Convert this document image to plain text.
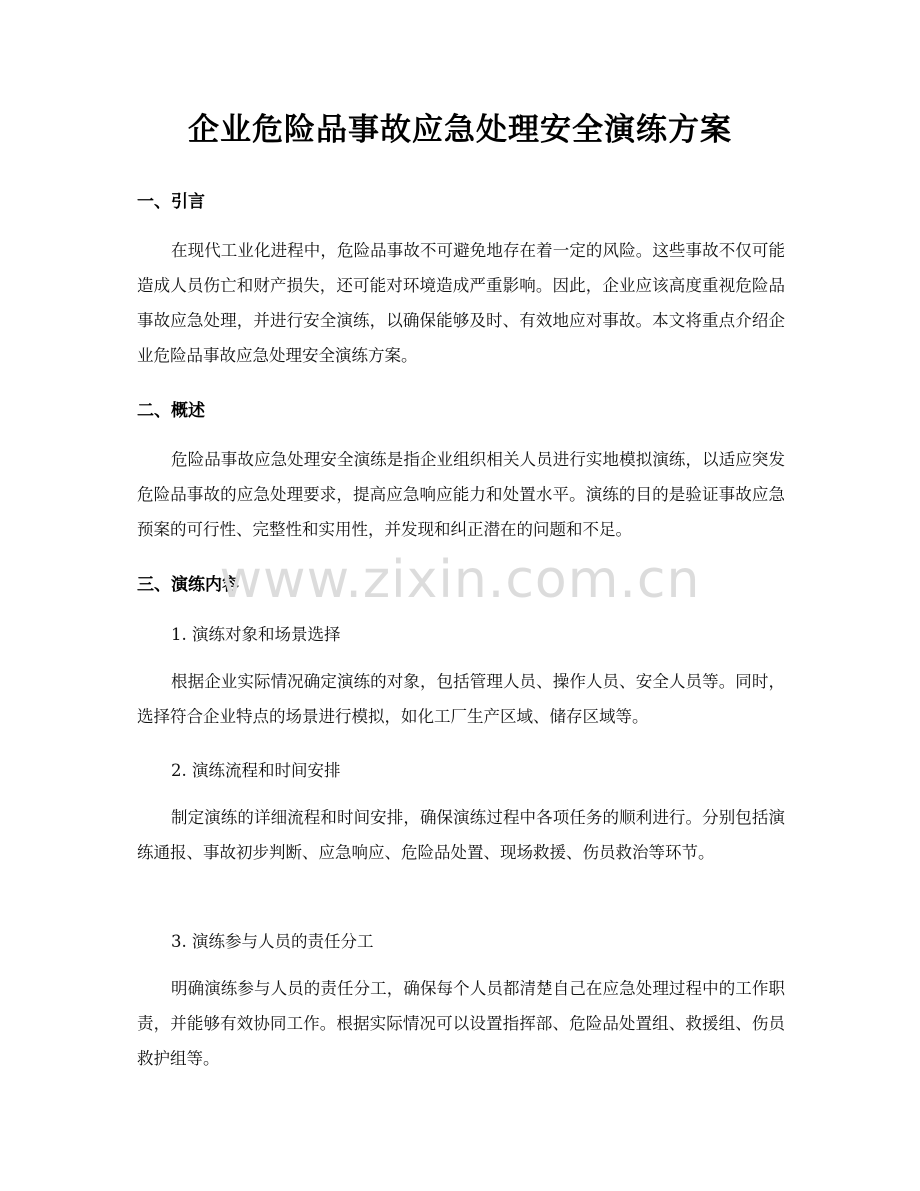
企业危险品事故应急处理安全演练方案
一、引言

在现代工业化进程中，危险品事故不可避免地存在着一定的风险。这些事故不仅可能造成人员伤亡和财产损失，还可能对环境造成严重影响。因此，企业应该高度重视危险品事故应急处理，并进行安全演练，以确保能够及时、有效地应对事故。本文将重点介绍企业危险品事故应急处理安全演练方案。

二、概述

危险品事故应急处理安全演练是指企业组织相关人员进行实地模拟演练，以适应突发危险品事故的应急处理要求，提高应急响应能力和处置水平。演练的目的是验证事故应急预案的可行性、完整性和实用性，并发现和纠正潜在的问题和不足。

三、演练内容
1. 演练对象和场景选择

根据企业实际情况确定演练的对象，包括管理人员、操作人员、安全人员等。同时，选择符合企业特点的场景进行模拟，如化工厂生产区域、储存区域等。

2. 演练流程和时间安排

制定演练的详细流程和时间安排，确保演练过程中各项任务的顺利进行。分别包括演练通报、事故初步判断、应急响应、危险品处置、现场救援、伤员救治等环节。

3. 演练参与人员的责任分工

明确演练参与人员的责任分工，确保每个人员都清楚自己在应急处理过程中的工作职责，并能够有效协同工作。根据实际情况可以设置指挥部、危险品处置组、救援组、伤员救护组等。

www.zixin.com.cn
